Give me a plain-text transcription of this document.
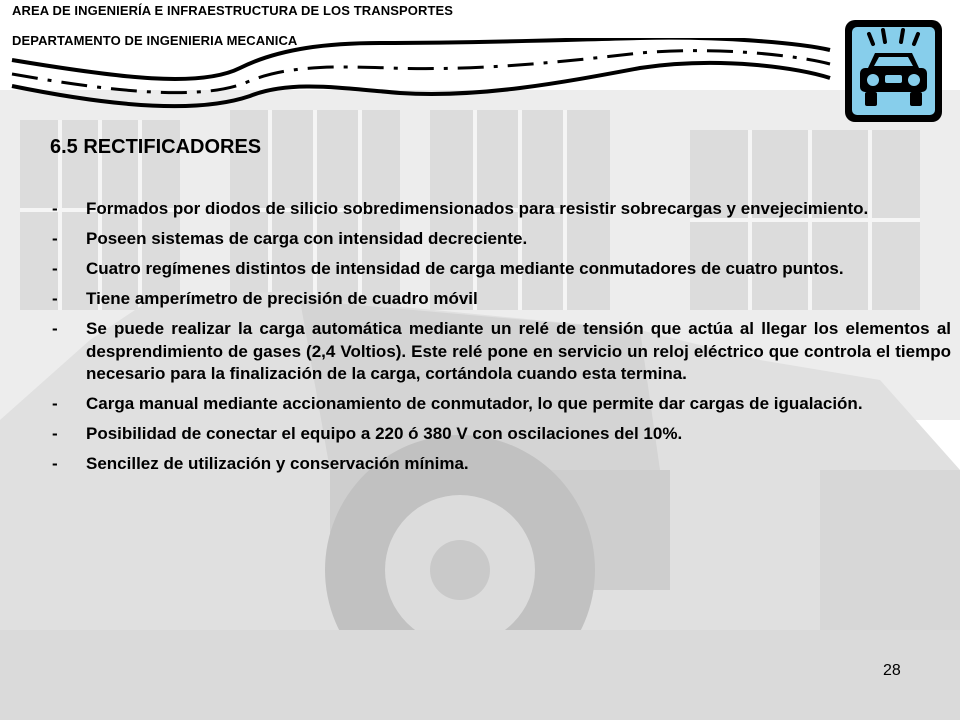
AREA DE INGENIERÍA E INFRAESTRUCTURA DE LOS TRANSPORTES
DEPARTAMENTO DE INGENIERIA MECANICA
6.5 RECTIFICADORES
- Formados por diodos de silicio sobredimensionados para resistir sobrecargas y envejecimiento.
- Poseen sistemas de carga con intensidad decreciente.
- Cuatro regímenes distintos de intensidad de carga mediante conmutadores de cuatro puntos.
- Tiene amperímetro de precisión de cuadro móvil
- Se puede realizar la carga automática mediante un relé de tensión que actúa al llegar los elementos al desprendimiento de gases (2,4 Voltios). Este relé pone en servicio un reloj eléctrico que controla el tiempo necesario para la finalización de la carga, cortándola cuando esta termina.
- Carga manual mediante accionamiento de conmutador, lo que permite dar cargas de igualación.
- Posibilidad de conectar el equipo a 220 ó 380 V con oscilaciones del 10%.
- Sencillez de utilización y conservación mínima.
28
